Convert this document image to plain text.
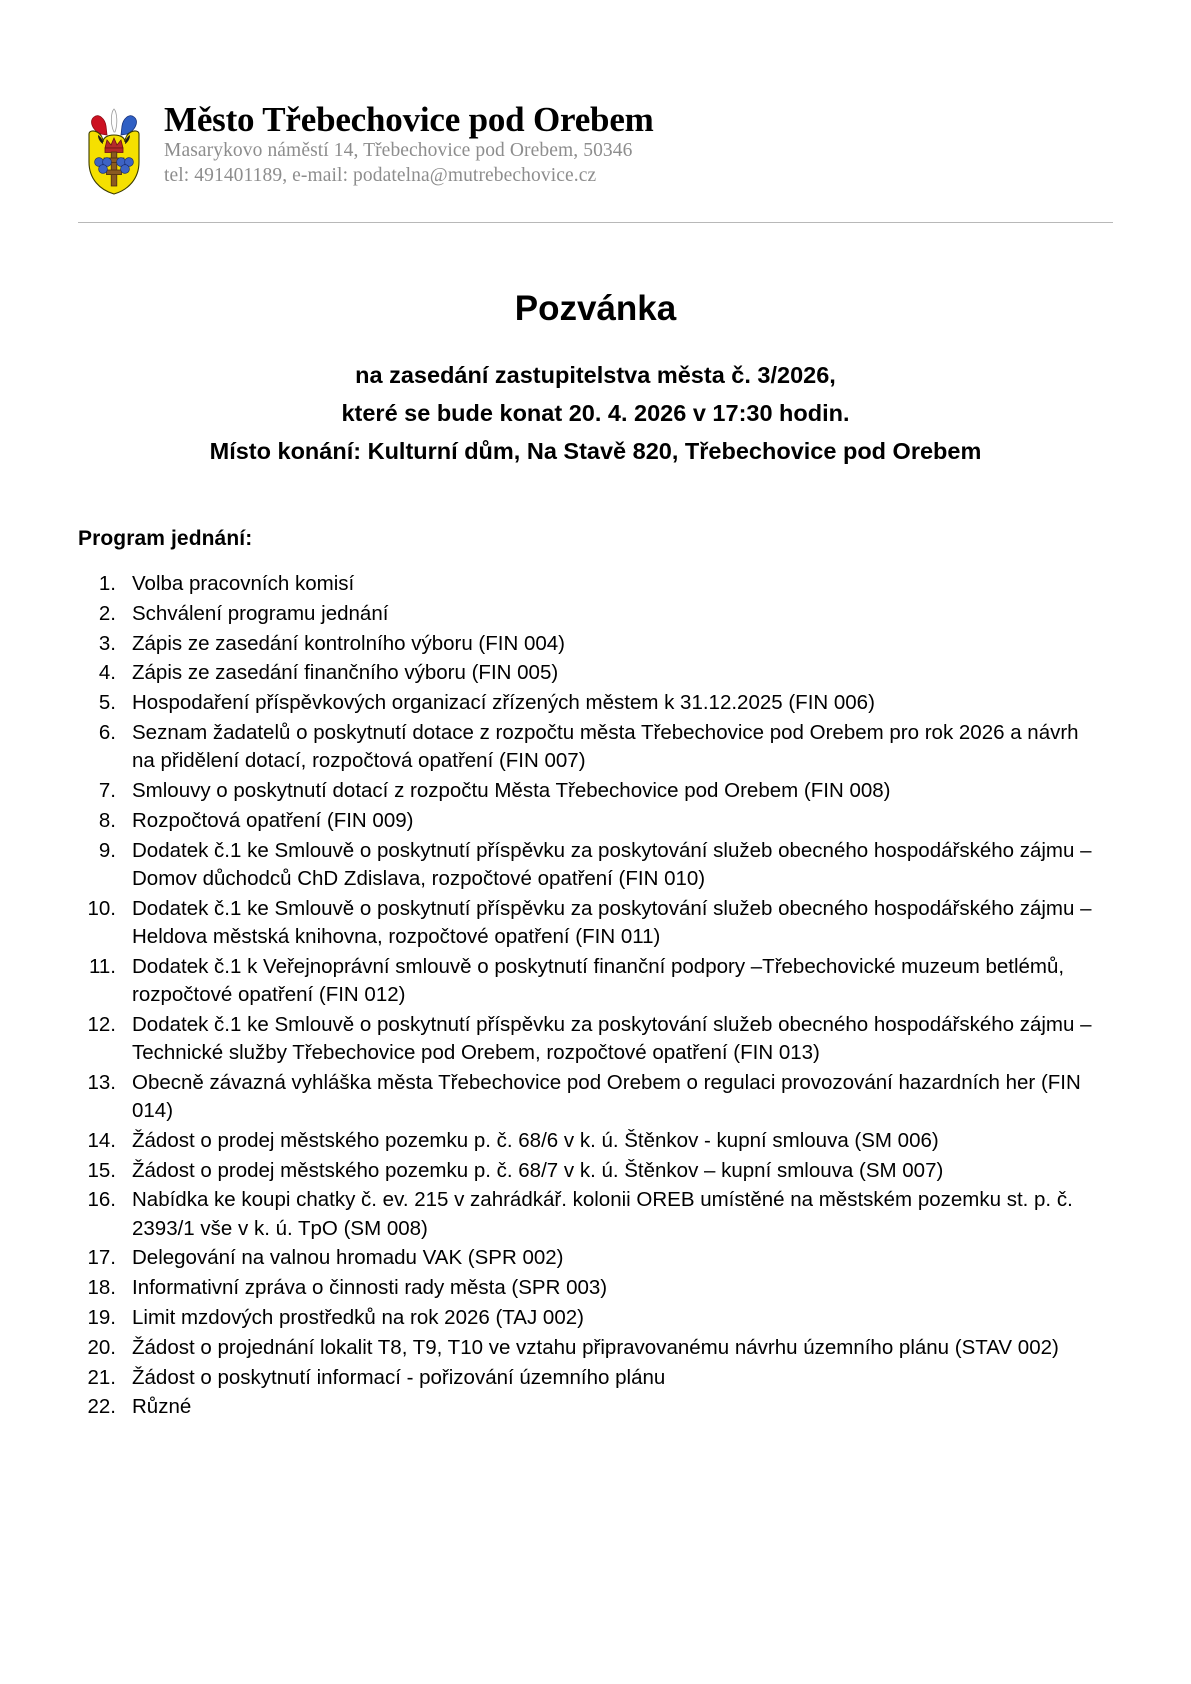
Město Třebechovice pod Orebem
Masarykovo náměstí 14, Třebechovice pod Orebem, 50346
tel: 491401189, e-mail: podatelna@mutrebechovice.cz
Pozvánka

na zasedání zastupitelstva města č. 3/2026,

které se bude konat 20. 4. 2026 v 17:30 hodin.

Místo konání: Kulturní dům, Na Stavě 820, Třebechovice pod Orebem

Program jednání:
1. Volba pracovních komisí
2. Schválení programu jednání
3. Zápis ze zasedání kontrolního výboru (FIN 004)
4. Zápis ze zasedání finančního výboru (FIN 005)
5. Hospodaření příspěvkových organizací zřízených městem k 31.12.2025 (FIN 006)
6. Seznam žadatelů o poskytnutí dotace z rozpočtu města Třebechovice pod Orebem pro rok 2026 a návrh na přidělení dotací, rozpočtová opatření (FIN 007)
7. Smlouvy o poskytnutí dotací z rozpočtu Města Třebechovice pod Orebem (FIN 008)
8. Rozpočtová opatření (FIN 009)
9. Dodatek č.1 ke Smlouvě o poskytnutí příspěvku za poskytování služeb obecného hospodářského zájmu –Domov důchodců ChD Zdislava, rozpočtové opatření (FIN 010)
10. Dodatek č.1 ke Smlouvě o poskytnutí příspěvku za poskytování služeb obecného hospodářského zájmu –Heldova městská knihovna, rozpočtové opatření (FIN 011)
11. Dodatek č.1 k Veřejnoprávní smlouvě o poskytnutí finanční podpory –Třebechovické muzeum betlémů, rozpočtové opatření (FIN 012)
12. Dodatek č.1 ke Smlouvě o poskytnutí příspěvku za poskytování služeb obecného hospodářského zájmu –Technické služby Třebechovice pod Orebem, rozpočtové opatření (FIN 013)
13. Obecně závazná vyhláška města Třebechovice pod Orebem o regulaci provozování hazardních her (FIN 014)
14. Žádost o prodej městského pozemku p. č. 68/6 v k. ú. Štěnkov - kupní smlouva (SM 006)
15. Žádost o prodej městského pozemku p. č. 68/7 v k. ú. Štěnkov – kupní smlouva (SM 007)
16. Nabídka ke koupi chatky č. ev. 215 v zahrádkář. kolonii OREB umístěné na městském pozemku st. p. č. 2393/1 vše v k. ú. TpO (SM 008)
17. Delegování na valnou hromadu VAK (SPR 002)
18. Informativní zpráva o činnosti rady města (SPR 003)
19. Limit mzdových prostředků na rok 2026 (TAJ 002)
20. Žádost o projednání lokalit T8, T9, T10 ve vztahu připravovanému návrhu územního plánu (STAV 002)
21. Žádost o poskytnutí informací - pořizování územního plánu
22. Různé
